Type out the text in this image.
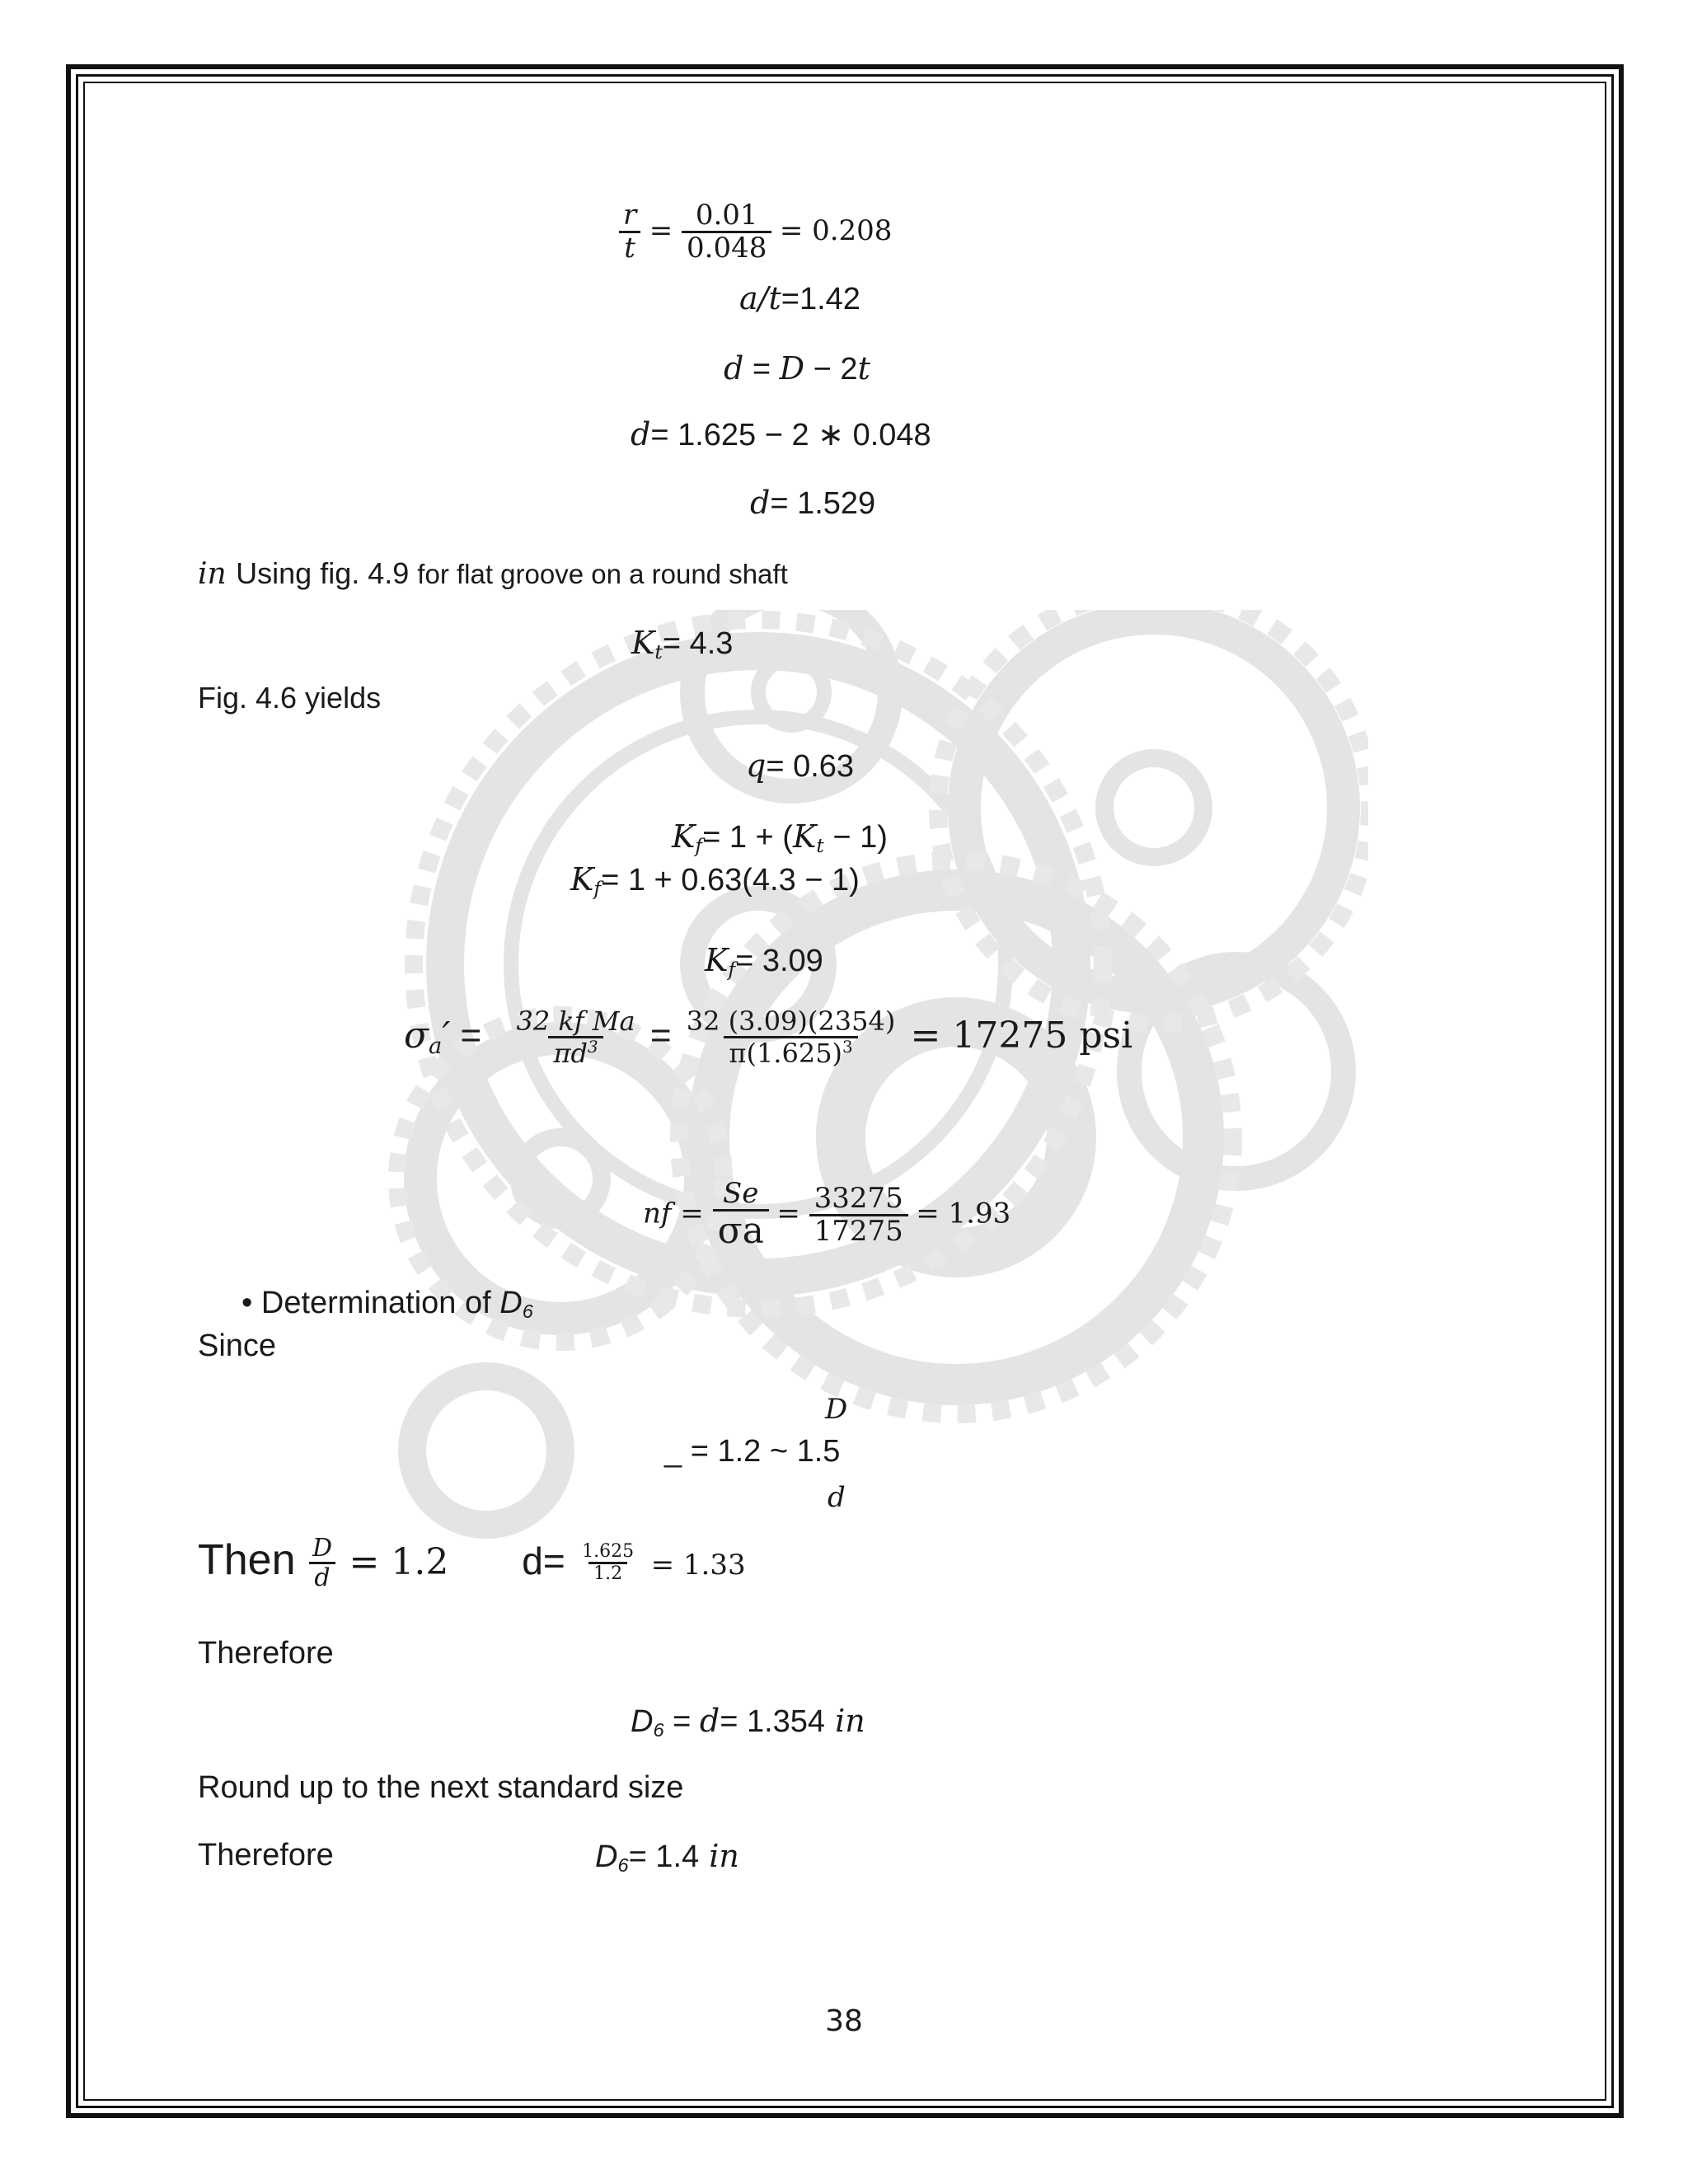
$\frac{r}{t} = \frac{0.01}{0.048} = 0.208$
a/t=1.42
d = D − 2t
d= 1.625 − 2 ∗ 0.048
d= 1.529
in Using fig. 4.9 for flat groove on a round shaft
$K_t= 4.3$
Fig. 4.6 yields
q= 0.63
$K_f= 1 + (K_t - 1)$
$K_f= 1 + 0.63(4.3 - 1)$
$K_f= 3.09$
$\sigma_a' = \frac{\text{32 kf Ma}}{\pi d^3} = \frac{32 (3.09)(2354)}{\pi(1.625)^3} = 17275$ psi
nf = $\frac{Se}{\sigma a} = \frac{33275}{17275} = 1.93$
• Determination of $D_6$
Since
D
_ = 1.2 ~ 1.5
d
Then $\frac{D}{d} = 1.2$ $d= \frac{1.625}{1.2} = 1.33$
Therefore
$D_6 = d= 1.354$ in
Round up to the next standard size
Therefore	$D_6= 1.4$ in
38
